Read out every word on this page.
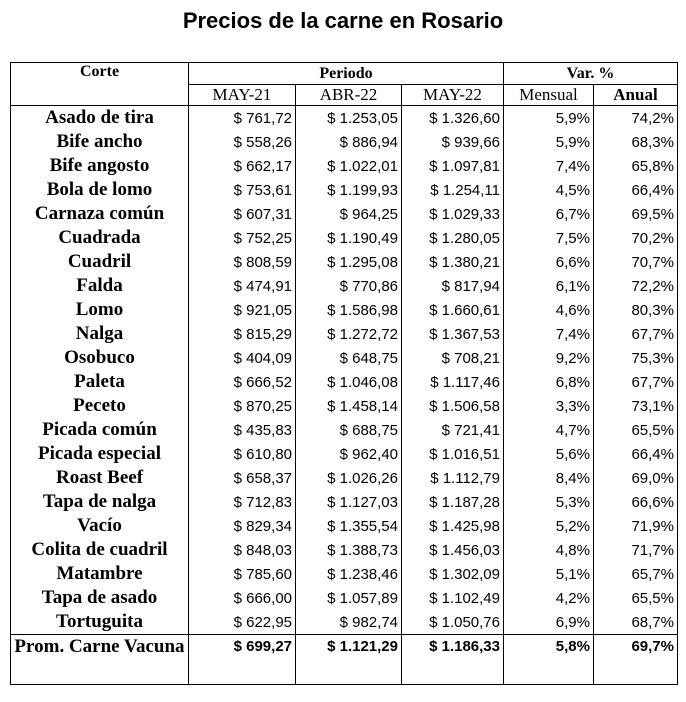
Precios de la carne en Rosario
Corte	Periodo			Var. %	
	MAY-21	ABR-22	MAY-22	Mensual	Anual
Asado de tira	$ 761,72	$ 1.253,05	$ 1.326,60	5,9%	74,2%
Bife ancho	$ 558,26	$ 886,94	$ 939,66	5,9%	68,3%
Bife angosto	$ 662,17	$ 1.022,01	$ 1.097,81	7,4%	65,8%
Bola de lomo	$ 753,61	$ 1.199,93	$ 1.254,11	4,5%	66,4%
Carnaza común	$ 607,31	$ 964,25	$ 1.029,33	6,7%	69,5%
Cuadrada	$ 752,25	$ 1.190,49	$ 1.280,05	7,5%	70,2%
Cuadril	$ 808,59	$ 1.295,08	$ 1.380,21	6,6%	70,7%
Falda	$ 474,91	$ 770,86	$ 817,94	6,1%	72,2%
Lomo	$ 921,05	$ 1.586,98	$ 1.660,61	4,6%	80,3%
Nalga	$ 815,29	$ 1.272,72	$ 1.367,53	7,4%	67,7%
Osobuco	$ 404,09	$ 648,75	$ 708,21	9,2%	75,3%
Paleta	$ 666,52	$ 1.046,08	$ 1.117,46	6,8%	67,7%
Peceto	$ 870,25	$ 1.458,14	$ 1.506,58	3,3%	73,1%
Picada común	$ 435,83	$ 688,75	$ 721,41	4,7%	65,5%
Picada especial	$ 610,80	$ 962,40	$ 1.016,51	5,6%	66,4%
Roast Beef	$ 658,37	$ 1.026,26	$ 1.112,79	8,4%	69,0%
Tapa de nalga	$ 712,83	$ 1.127,03	$ 1.187,28	5,3%	66,6%
Vacío	$ 829,34	$ 1.355,54	$ 1.425,98	5,2%	71,9%
Colita de cuadril	$ 848,03	$ 1.388,73	$ 1.456,03	4,8%	71,7%
Matambre	$ 785,60	$ 1.238,46	$ 1.302,09	5,1%	65,7%
Tapa de asado	$ 666,00	$ 1.057,89	$ 1.102,49	4,2%	65,5%
Tortuguita	$ 622,95	$ 982,74	$ 1.050,76	6,9%	68,7%
Prom. Carne Vacuna	$ 699,27	$ 1.121,29	$ 1.186,33	5,8%	69,7%
